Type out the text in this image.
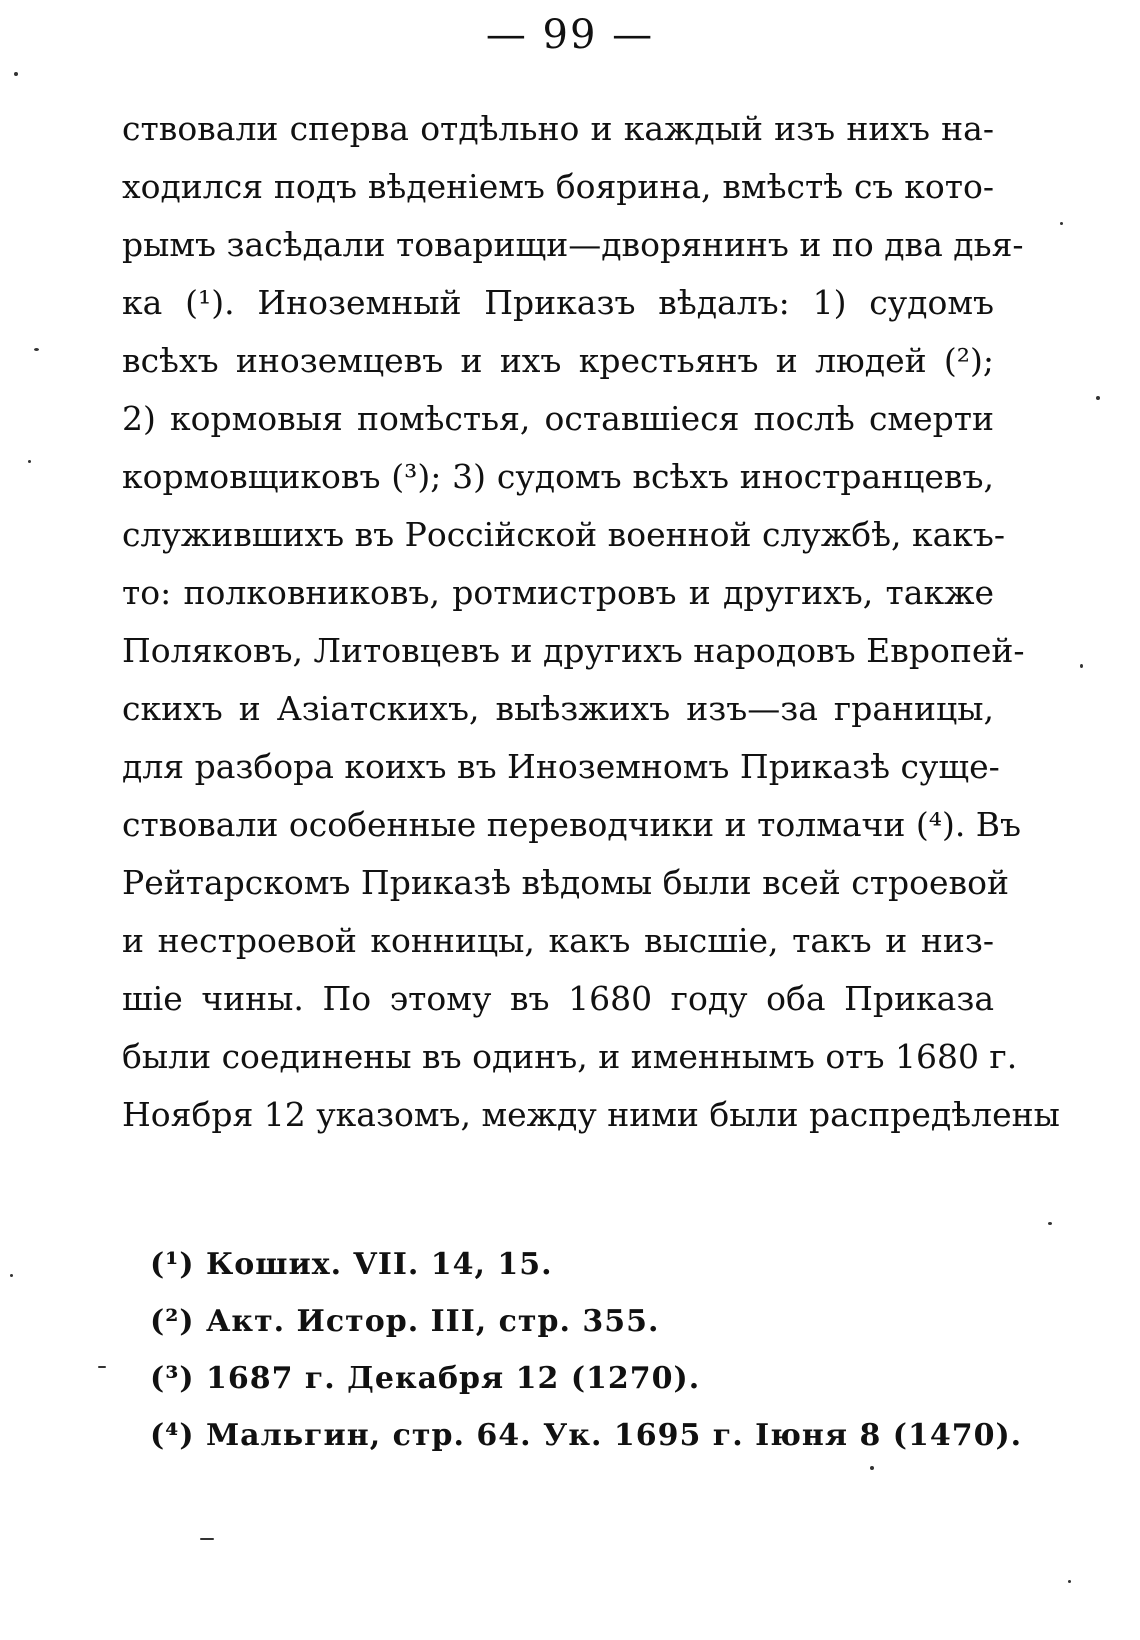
— 99 —
ствовали сперва отдѣльно и каждый изъ нихъ на-
ходился подъ вѣденіемъ боярина, вмѣстѣ съ кото-
рымъ засѣдали товарищи—дворянинъ и по два дья-
ка (¹). Иноземный Приказъ вѣдалъ: 1) судомъ
всѣхъ иноземцевъ и ихъ крестьянъ и людей (²);
2) кормовыя помѣстья, оставшіеся послѣ смерти
кормовщиковъ (³); 3) судомъ всѣхъ иностранцевъ,
служившихъ въ Россійской военной службѣ, какъ-
то: полковниковъ, ротмистровъ и другихъ, также
Поляковъ, Литовцевъ и другихъ народовъ Европей-
скихъ и Азіатскихъ, выѣзжихъ изъ—за границы,
для разбора коихъ въ Иноземномъ Приказѣ суще-
ствовали особенные переводчики и толмачи (⁴). Въ
Рейтарскомъ Приказѣ вѣдомы были всей строевой
и нестроевой конницы, какъ высшіе, такъ и низ-
шіе чины. По этому въ 1680 году оба Приказа
были соединены въ одинъ, и именнымъ отъ 1680 г.
Ноября 12 указомъ, между ними были распредѣлены
(¹) Коших. VII. 14, 15.
(²) Акт. Истор. III, стр. 355.
(³) 1687 г. Декабря 12 (1270).
(⁴) Мальгин, стр. 64. Ук. 1695 г. Іюня 8 (1470).
